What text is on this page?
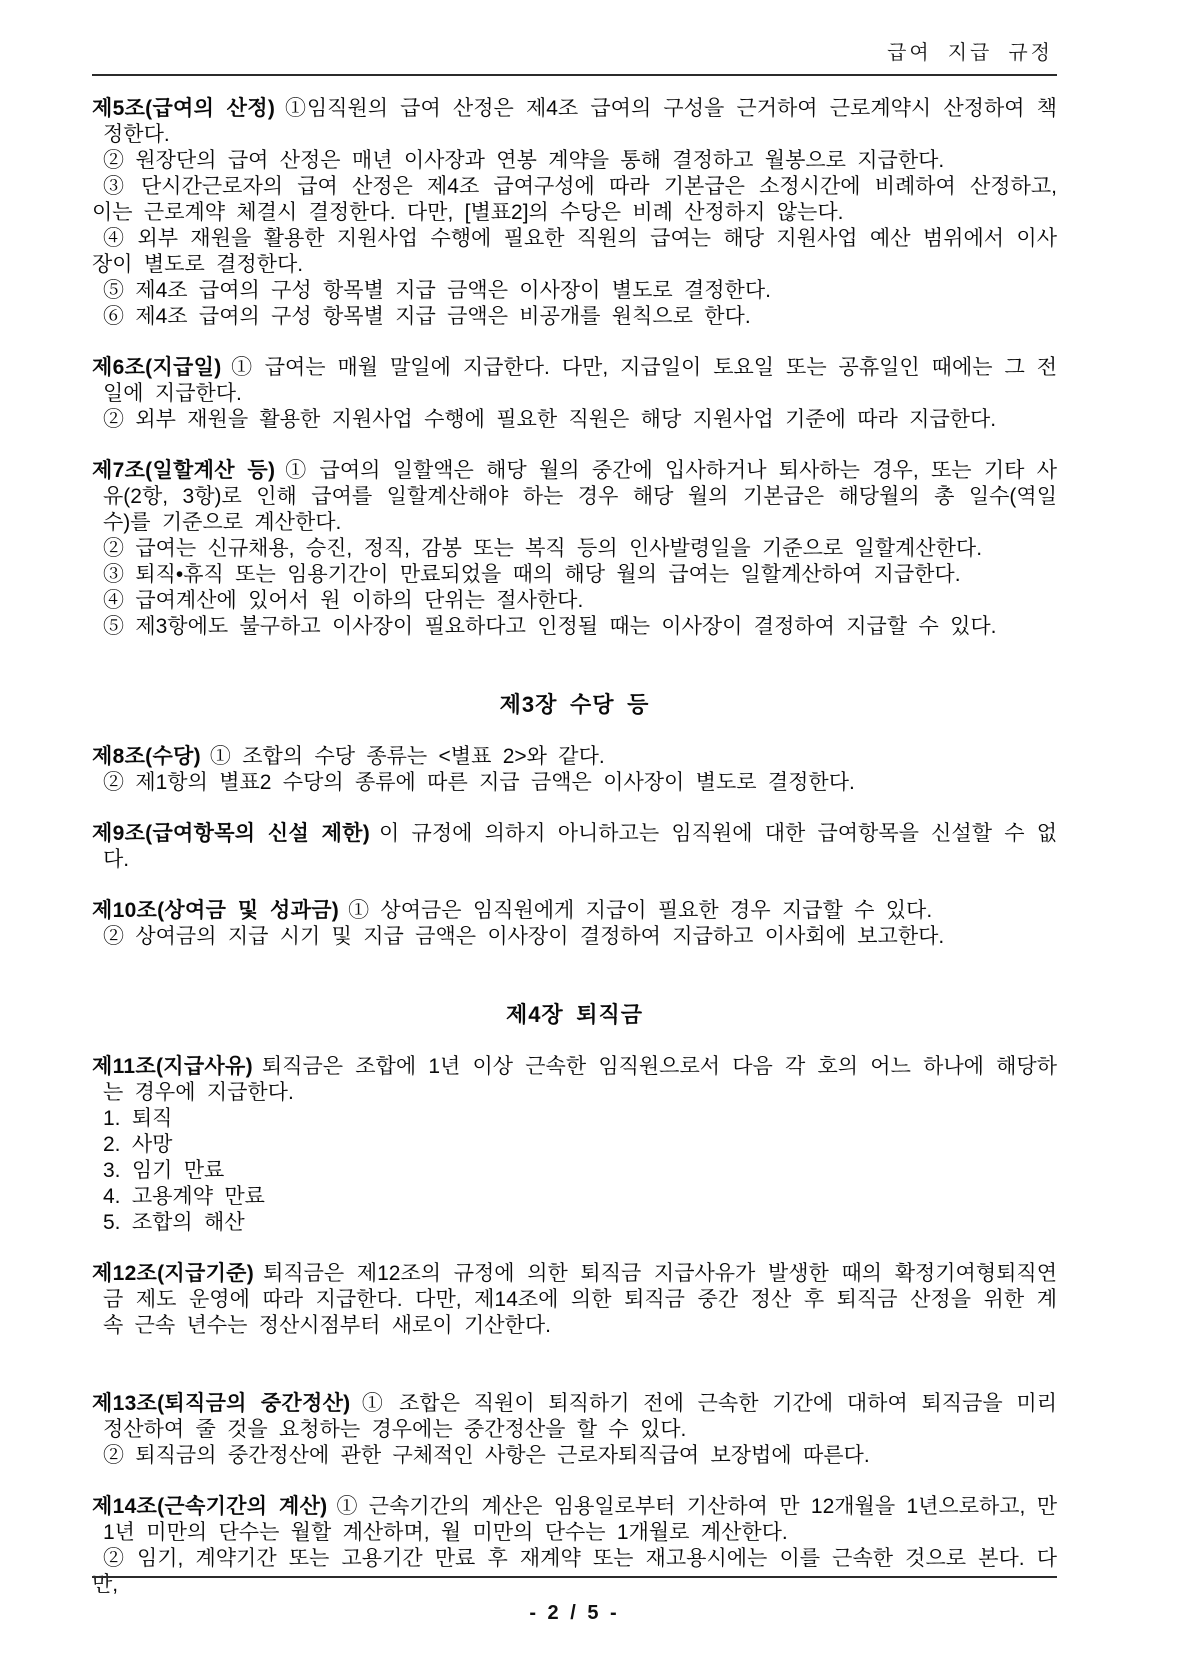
급여 지급 규정

제5조(급여의 산정) ①임직원의 급여 산정은 제4조 급여의 구성을 근거하여 근로계약시 산정하여 책정한다.

② 원장단의 급여 산정은 매년 이사장과 연봉 계약을 통해 결정하고 월봉으로 지급한다.

③ 단시간근로자의 급여 산정은 제4조 급여구성에 따라 기본급은 소정시간에 비례하여 산정하고, 이는 근로계약 체결시 결정한다. 다만, [별표2]의 수당은 비례 산정하지 않는다.

④ 외부 재원을 활용한 지원사업 수행에 필요한 직원의 급여는 해당 지원사업 예산 범위에서 이사장이 별도로 결정한다.

⑤ 제4조 급여의 구성 항목별 지급 금액은 이사장이 별도로 결정한다.

⑥ 제4조 급여의 구성 항목별 지급 금액은 비공개를 원칙으로 한다.

제6조(지급일) ① 급여는 매월 말일에 지급한다. 다만, 지급일이 토요일 또는 공휴일인 때에는 그 전일에 지급한다.

② 외부 재원을 활용한 지원사업 수행에 필요한 직원은 해당 지원사업 기준에 따라 지급한다.

제7조(일할계산 등) ① 급여의 일할액은 해당 월의 중간에 입사하거나 퇴사하는 경우, 또는 기타 사유(2항, 3항)로 인해 급여를 일할계산해야 하는 경우 해당 월의 기본급은 해당월의 총 일수(역일 수)를 기준으로 계산한다.

② 급여는 신규채용, 승진, 정직, 감봉 또는 복직 등의 인사발령일을 기준으로 일할계산한다.

③ 퇴직•휴직 또는 임용기간이 만료되었을 때의 해당 월의 급여는 일할계산하여 지급한다.

④ 급여계산에 있어서 원 이하의 단위는 절사한다.

⑤ 제3항에도 불구하고 이사장이 필요하다고 인정될 때는 이사장이 결정하여 지급할 수 있다.

제3장 수당 등

제8조(수당) ① 조합의 수당 종류는 <별표 2>와 같다.

② 제1항의 별표2 수당의 종류에 따른 지급 금액은 이사장이 별도로 결정한다.

제9조(급여항목의 신설 제한) 이 규정에 의하지 아니하고는 임직원에 대한 급여항목을 신설할 수 없다.

제10조(상여금 및 성과금) ① 상여금은 임직원에게 지급이 필요한 경우 지급할 수 있다.

② 상여금의 지급 시기 및 지급 금액은 이사장이 결정하여 지급하고 이사회에 보고한다.

제4장 퇴직금

제11조(지급사유) 퇴직금은 조합에 1년 이상 근속한 임직원으로서 다음 각 호의 어느 하나에 해당하는 경우에 지급한다.

1. 퇴직

2. 사망

3. 임기 만료

4. 고용계약 만료

5. 조합의 해산

제12조(지급기준) 퇴직금은 제12조의 규정에 의한 퇴직금 지급사유가 발생한 때의 확정기여형퇴직연금 제도 운영에 따라 지급한다. 다만, 제14조에 의한 퇴직금 중간 정산 후 퇴직금 산정을 위한 계속 근속 년수는 정산시점부터 새로이 기산한다.

제13조(퇴직금의 중간정산) ① 조합은 직원이 퇴직하기 전에 근속한 기간에 대하여 퇴직금을 미리 정산하여 줄 것을 요청하는 경우에는 중간정산을 할 수 있다.

② 퇴직금의 중간정산에 관한 구체적인 사항은 근로자퇴직급여 보장법에 따른다.

제14조(근속기간의 계산) ① 근속기간의 계산은 임용일로부터 기산하여 만 12개월을 1년으로하고, 만 1년 미만의 단수는 월할 계산하며, 월 미만의 단수는 1개월로 계산한다.

② 임기, 계약기간 또는 고용기간 만료 후 재계약 또는 재고용시에는 이를 근속한 것으로 본다. 다만,

- 2 / 5 -
